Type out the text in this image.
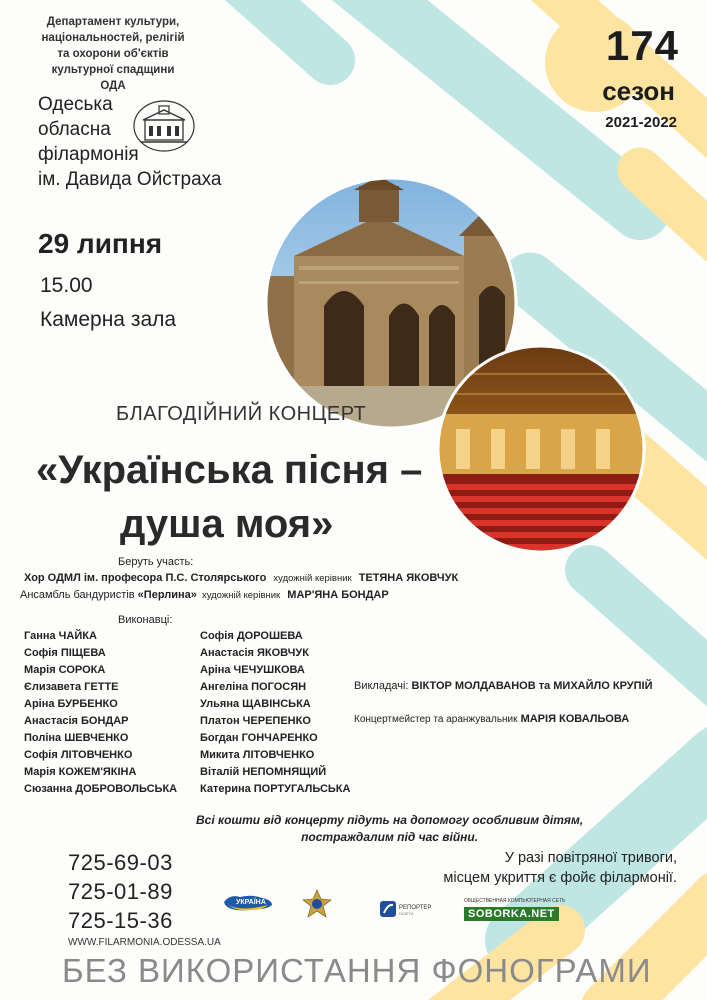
Департамент культури,
національностей, релігій
та охорони об'єктів
культурної спадщини ОДА
Одеська
обласна
філармонія
ім. Давида Ойстраха
174
сезон
2021-2022
29 липня
15.00
Камерна зала
БЛАГОДІЙНИЙ КОНЦЕРТ
«Українська пісня –
душа моя»
Беруть участь:
Хор ОДМЛ ім. професора П.С. Столярського художній керівник ТЕТЯНА ЯКОВЧУК
Ансамбль бандуристів «Перлина» художній керівник МАР'ЯНА БОНДАР
Виконавці:
Ганна ЧАЙКА
Софія ПІЩЕВА
Марія СОРОКА
Єлизавета ГЕТТЕ
Аріна БУРБЕНКО
Анастасія БОНДАР
Поліна ШЕВЧЕНКО
Софія ЛІТОВЧЕНКО
Марія КОЖЕМ'ЯКІНА
Сюзанна ДОБРОВОЛЬСЬКА
Софія ДОРОШЕВА
Анастасія ЯКОВЧУК
Аріна ЧЕЧУШКОВА
Ангеліна ПОГОСЯН
Ульяна ЩАВІНСЬКА
Платон ЧЕРЕПЕНКО
Богдан ГОНЧАРЕНКО
Микита ЛІТОВЧЕНКО
Віталій НЕПОМНЯЩИЙ
Катерина ПОРТУГАЛЬСЬКА
Викладачі: ВІКТОР МОЛДАВАНОВ та МИХАЙЛО КРУПІЙ
Концертмейстер та аранжувальник МАРІЯ КОВАЛЬОВА
Всі кошти від концерту підуть на допомогу особливим дітям,
постраждалим під час війни.
У разі повітряної тривоги,
місцем укриття є фойє філармонії.
725-69-03
725-01-89
725-15-36
WWW.FILARMONIA.ODESSA.UA
УКРАЇНА
РЕПОРТЕР
ГАЗЕТА
ОБЩЕСТВЕННАЯ КОМПЬЮТЕРНАЯ СЕТЬ
SOBORKA.NET
БЕЗ ВИКОРИСТАННЯ ФОНОГРАМИ
